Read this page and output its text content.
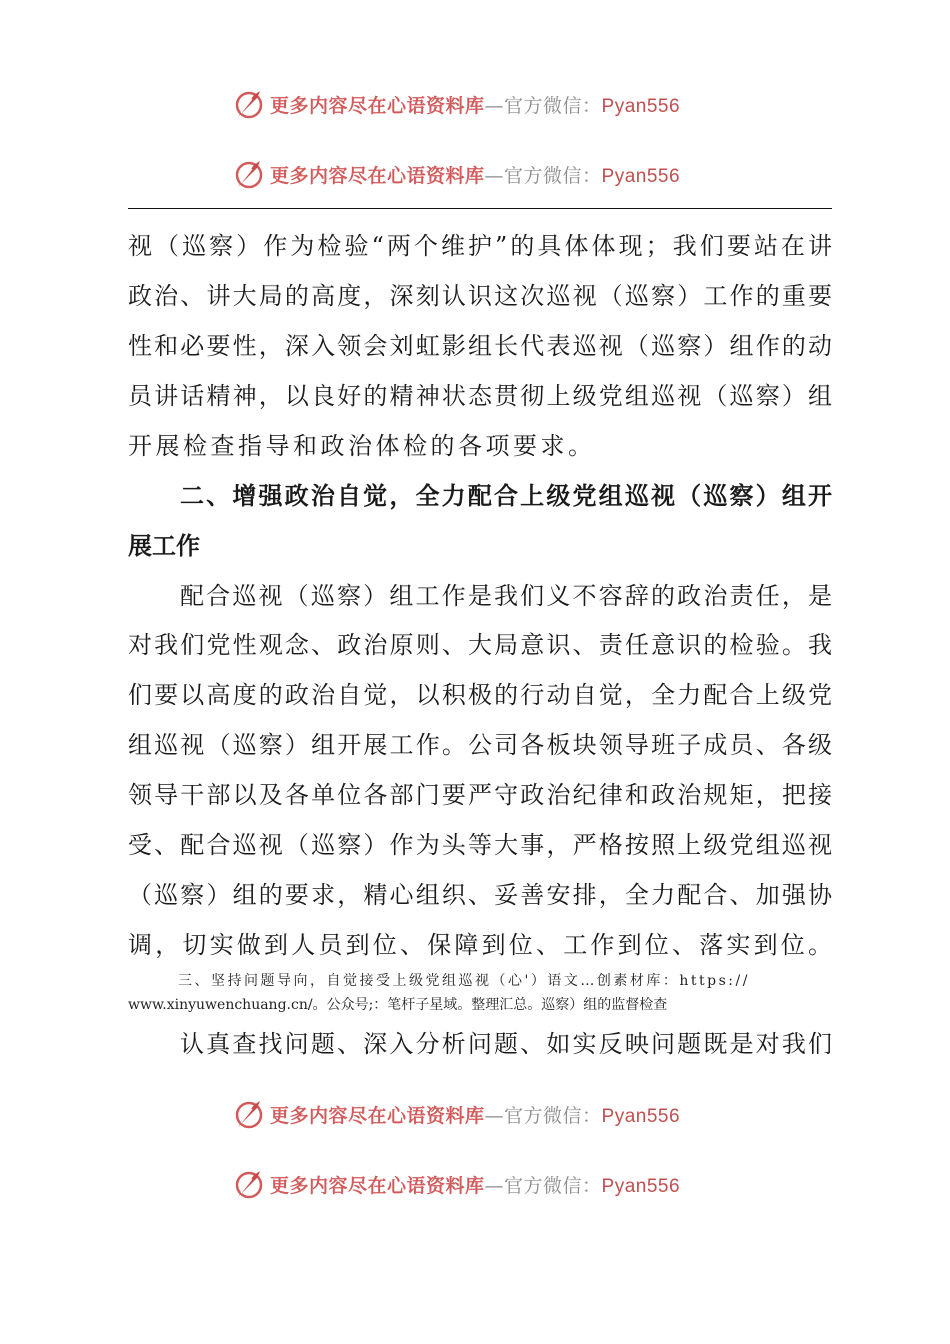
更多内容尽在心语资料库—官方微信：Pyan556
更多内容尽在心语资料库—官方微信：Pyan556
视（巡察）作为检验“两个维护”的具体体现；我们要站在讲
政治、讲大局的高度，深刻认识这次巡视（巡察）工作的重要
性和必要性，深入领会刘虹影组长代表巡视（巡察）组作的动
员讲话精神，以良好的精神状态贯彻上级党组巡视（巡察）组
开展检查指导和政治体检的各项要求。
二、增强政治自觉，全力配合上级党组巡视（巡察）组开
展工作
配合巡视（巡察）组工作是我们义不容辞的政治责任，是
对我们党性观念、政治原则、大局意识、责任意识的检验。我
们要以高度的政治自觉，以积极的行动自觉，全力配合上级党
组巡视（巡察）组开展工作。公司各板块领导班子成员、各级
领导干部以及各单位各部门要严守政治纪律和政治规矩，把接
受、配合巡视（巡察）作为头等大事，严格按照上级党组巡视
（巡察）组的要求，精心组织、妥善安排，全力配合、加强协
调，切实做到人员到位、保障到位、工作到位、落实到位。
三、坚持问题导向，自觉接受上级党组巡视（心'）语文…创素材库：https://
www.xinyuwenchuang.cn/。公众号;：笔杆子星域。整理汇总。巡察）组的监督检查
认真查找问题、深入分析问题、如实反映问题既是对我们
更多内容尽在心语资料库—官方微信：Pyan556
更多内容尽在心语资料库—官方微信：Pyan556
